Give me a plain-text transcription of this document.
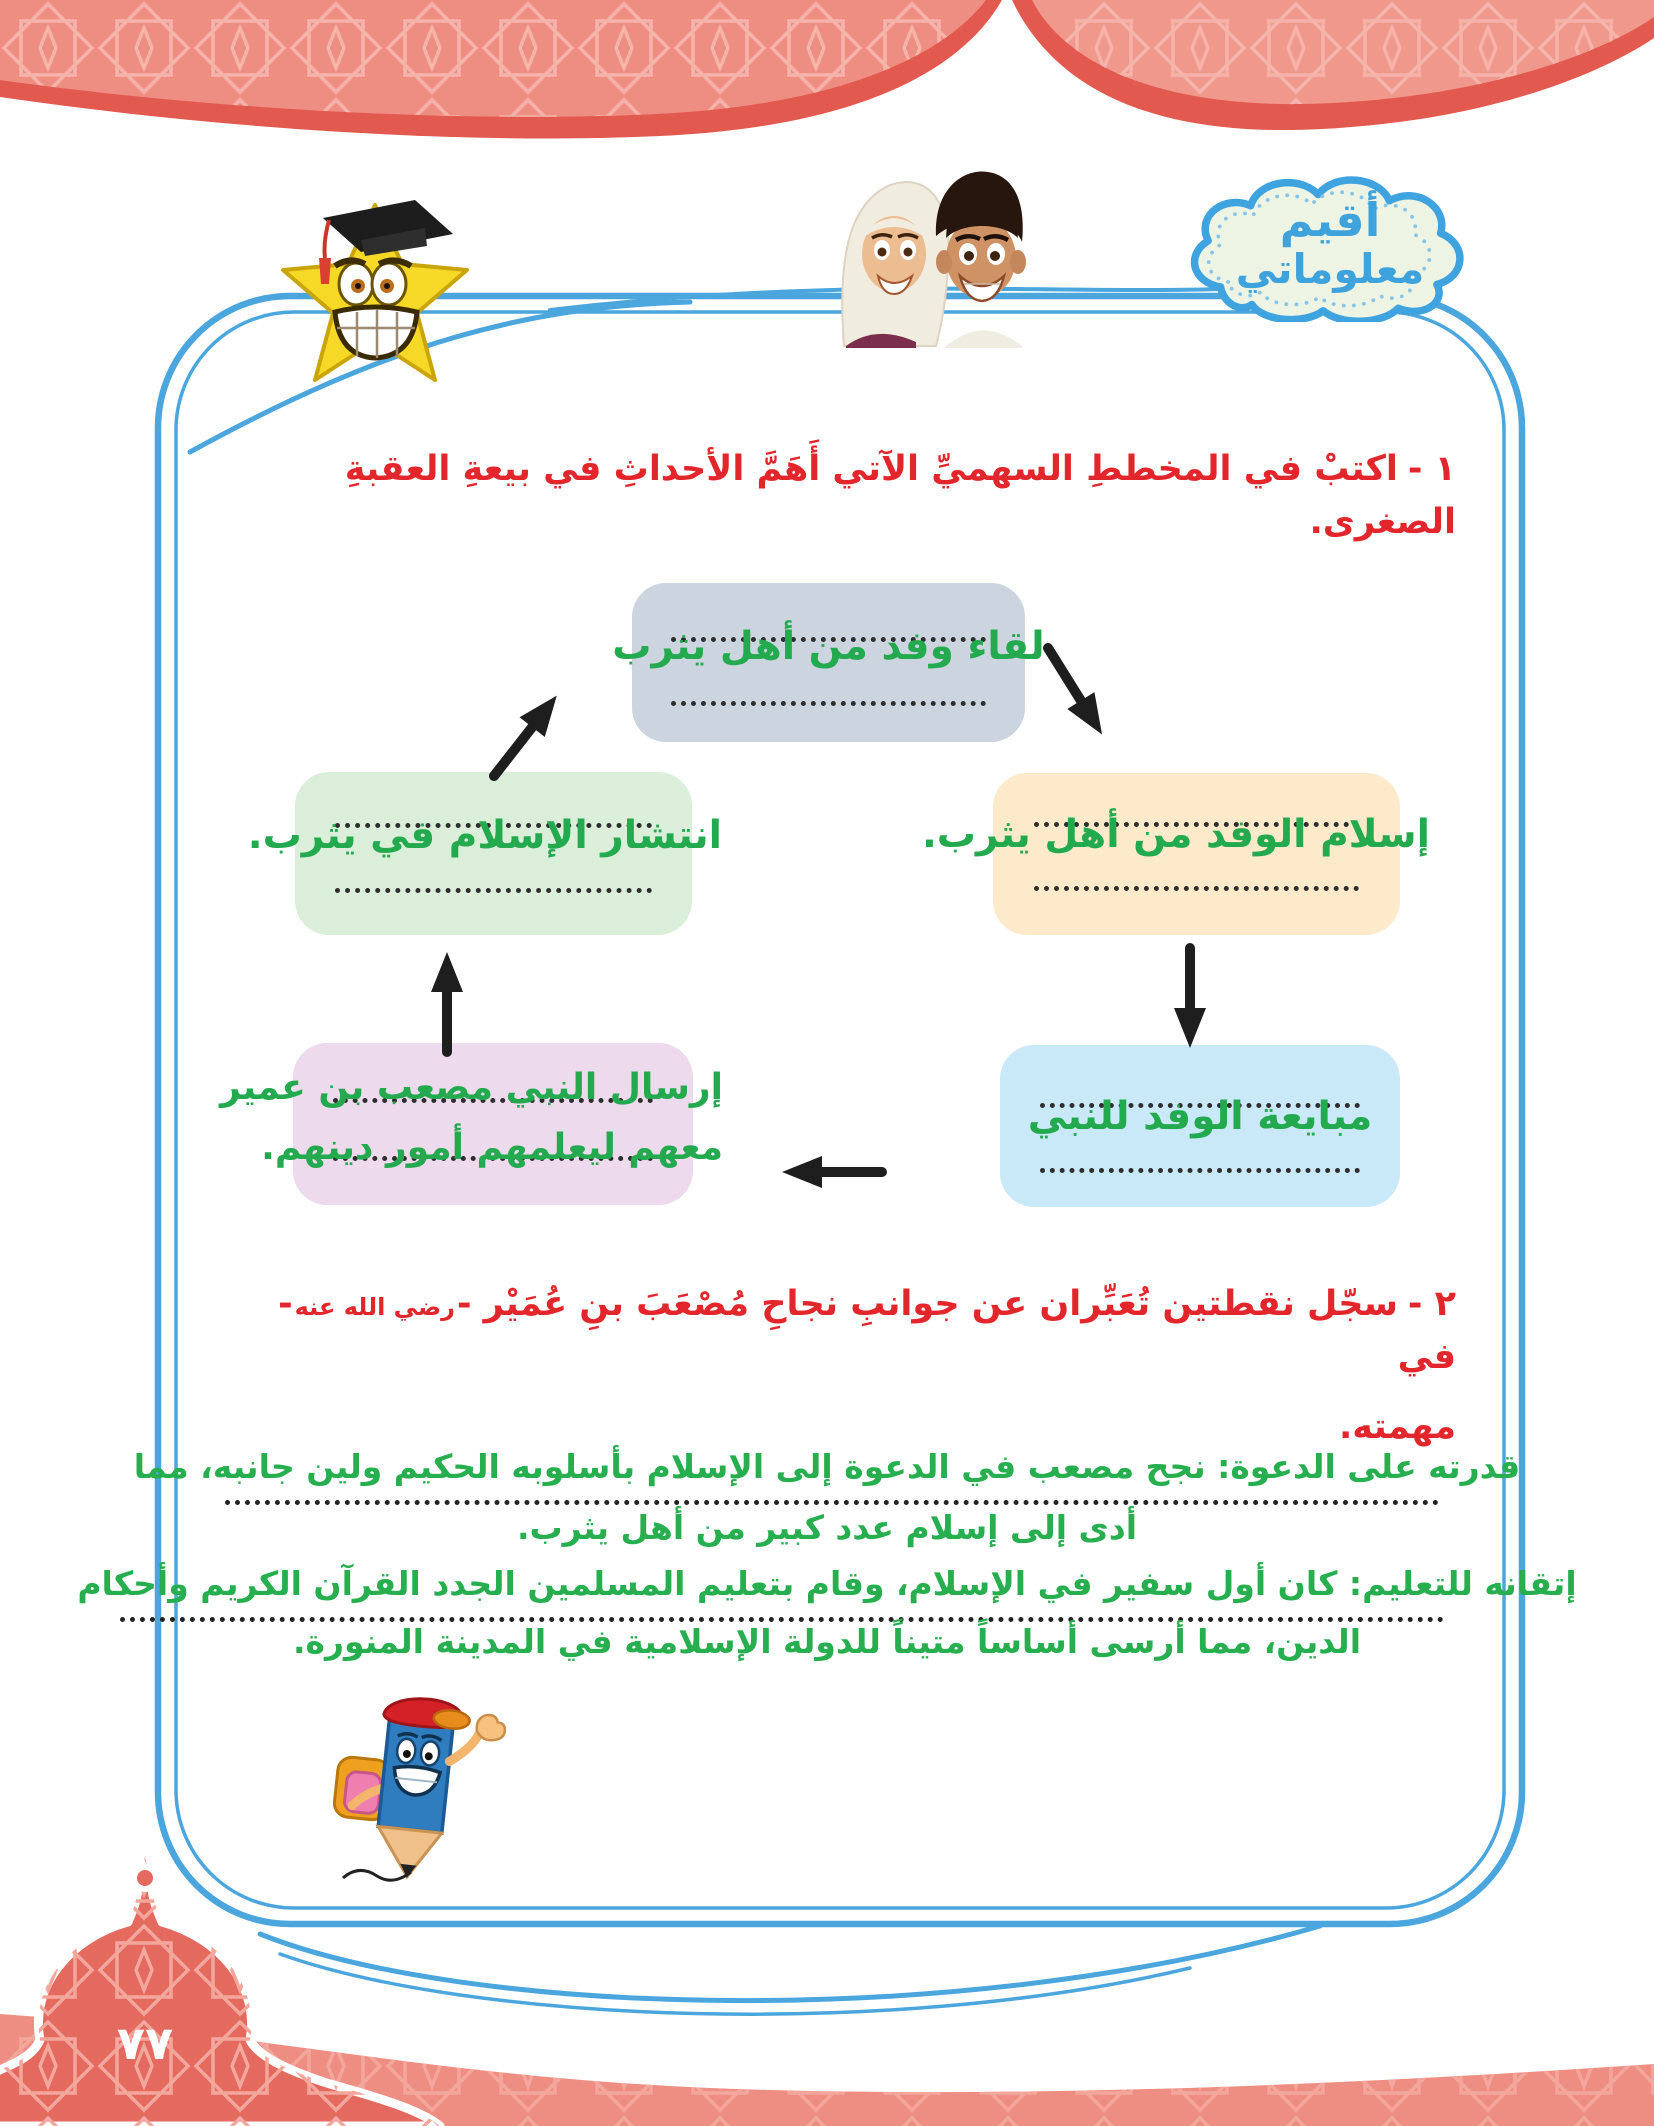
أقيم
معلوماتي
١ -اكتبْ في المخططِ السهميِّ الآتي أَهَمَّ الأحداثِ في بيعةِ العقبةِ الصغرى.
لقاء وفد من أهل يثرب
إسلام الوفد من أهل يثرب.
مبايعة الوفد للنبي
إرسال النبي مصعب بن عمير
معهم ليعلمهم أمور دينهم.
انتشار الإسلام في يثرب.
٢ -سجّل نقطتين تُعَبِّران عن جوانبِ نجاحِ مُصْعَبَ بنِ عُمَيْر -رضي الله عنه- في
مهمته.
قدرته على الدعوة: نجح مصعب في الدعوة إلى الإسلام بأسلوبه الحكيم ولين جانبه، مما
أدى إلى إسلام عدد كبير من أهل يثرب.
إتقانه للتعليم: كان أول سفير في الإسلام، وقام بتعليم المسلمين الجدد القرآن الكريم وأحكام
الدين، مما أرسى أساساً متيناً للدولة الإسلامية في المدينة المنورة.
٧٧
